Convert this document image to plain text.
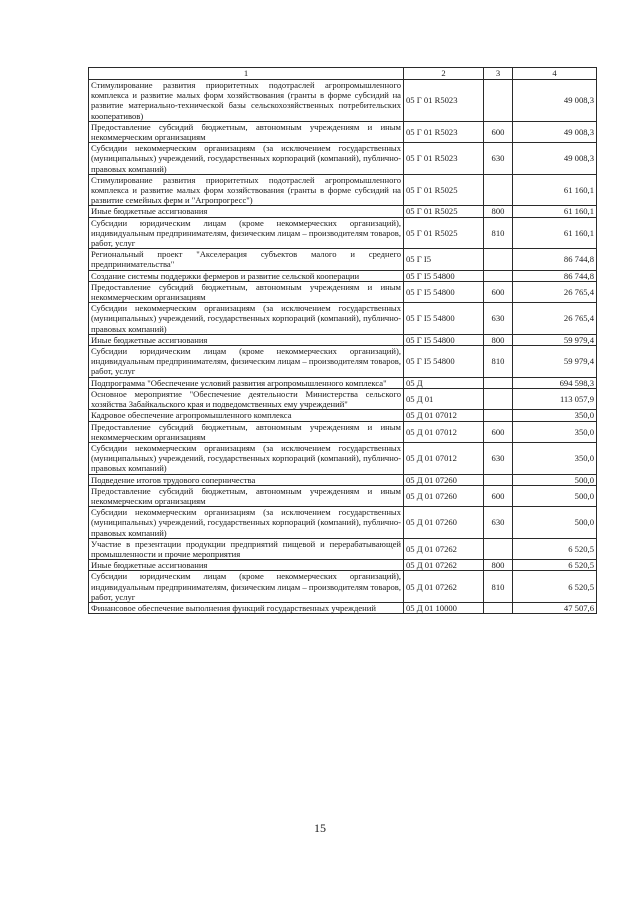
1	2	3	4
Стимулирование развития приоритетных подотраслей агропромышленного комплекса и развитие малых форм хозяйствования (гранты в форме субсидий на развитие материально-технической базы сельскохозяйственных потребительских кооперативов)	05 Г 01 R5023		49 008,3
Предоставление субсидий бюджетным, автономным учреждениям и иным некоммерческим организациям	05 Г 01 R5023	600	49 008,3
Субсидии некоммерческим организациям (за исключением государственных (муниципальных) учреждений, государственных корпораций (компаний), публично-правовых компаний)	05 Г 01 R5023	630	49 008,3
Стимулирование развития приоритетных подотраслей агропромышленного комплекса и развитие малых форм хозяйствования (гранты в форме субсидий на развитие семейных ферм и "Агропрогресс")	05 Г 01 R5025		61 160,1
Иные бюджетные ассигнования	05 Г 01 R5025	800	61 160,1
Субсидии юридическим лицам (кроме некоммерческих организаций), индивидуальным предпринимателям, физическим лицам – производителям товаров, работ, услуг	05 Г 01 R5025	810	61 160,1
Региональный проект "Акселерация субъектов малого и среднего предпринимательства"	05 Г I5		86 744,8
Создание системы поддержки фермеров и развитие сельской кооперации	05 Г I5 54800		86 744,8
Предоставление субсидий бюджетным, автономным учреждениям и иным некоммерческим организациям	05 Г I5 54800	600	26 765,4
Субсидии некоммерческим организациям (за исключением государственных (муниципальных) учреждений, государственных корпораций (компаний), публично-правовых компаний)	05 Г I5 54800	630	26 765,4
Иные бюджетные ассигнования	05 Г I5 54800	800	59 979,4
Субсидии юридическим лицам (кроме некоммерческих организаций), индивидуальным предпринимателям, физическим лицам – производителям товаров, работ, услуг	05 Г I5 54800	810	59 979,4
Подпрограмма "Обеспечение условий развития агропромышленного комплекса"	05 Д		694 598,3
Основное мероприятие "Обеспечение деятельности Министерства сельского хозяйства Забайкальского края и подведомственных ему учреждений"	05 Д 01		113 057,9
Кадровое обеспечение агропромышленного комплекса	05 Д 01 07012		350,0
Предоставление субсидий бюджетным, автономным учреждениям и иным некоммерческим организациям	05 Д 01 07012	600	350,0
Субсидии некоммерческим организациям (за исключением государственных (муниципальных) учреждений, государственных корпораций (компаний), публично-правовых компаний)	05 Д 01 07012	630	350,0
Подведение итогов трудового соперничества	05 Д 01 07260		500,0
Предоставление субсидий бюджетным, автономным учреждениям и иным некоммерческим организациям	05 Д 01 07260	600	500,0
Субсидии некоммерческим организациям (за исключением государственных (муниципальных) учреждений, государственных корпораций (компаний), публично-правовых компаний)	05 Д 01 07260	630	500,0
Участие в презентации продукции предприятий пищевой и перерабатывающей промышленности и прочие мероприятия	05 Д 01 07262		6 520,5
Иные бюджетные ассигнования	05 Д 01 07262	800	6 520,5
Субсидии юридическим лицам (кроме некоммерческих организаций), индивидуальным предпринимателям, физическим лицам – производителям товаров, работ, услуг	05 Д 01 07262	810	6 520,5
Финансовое обеспечение выполнения функций государственных учреждений	05 Д 01 10000		47 507,6
15
